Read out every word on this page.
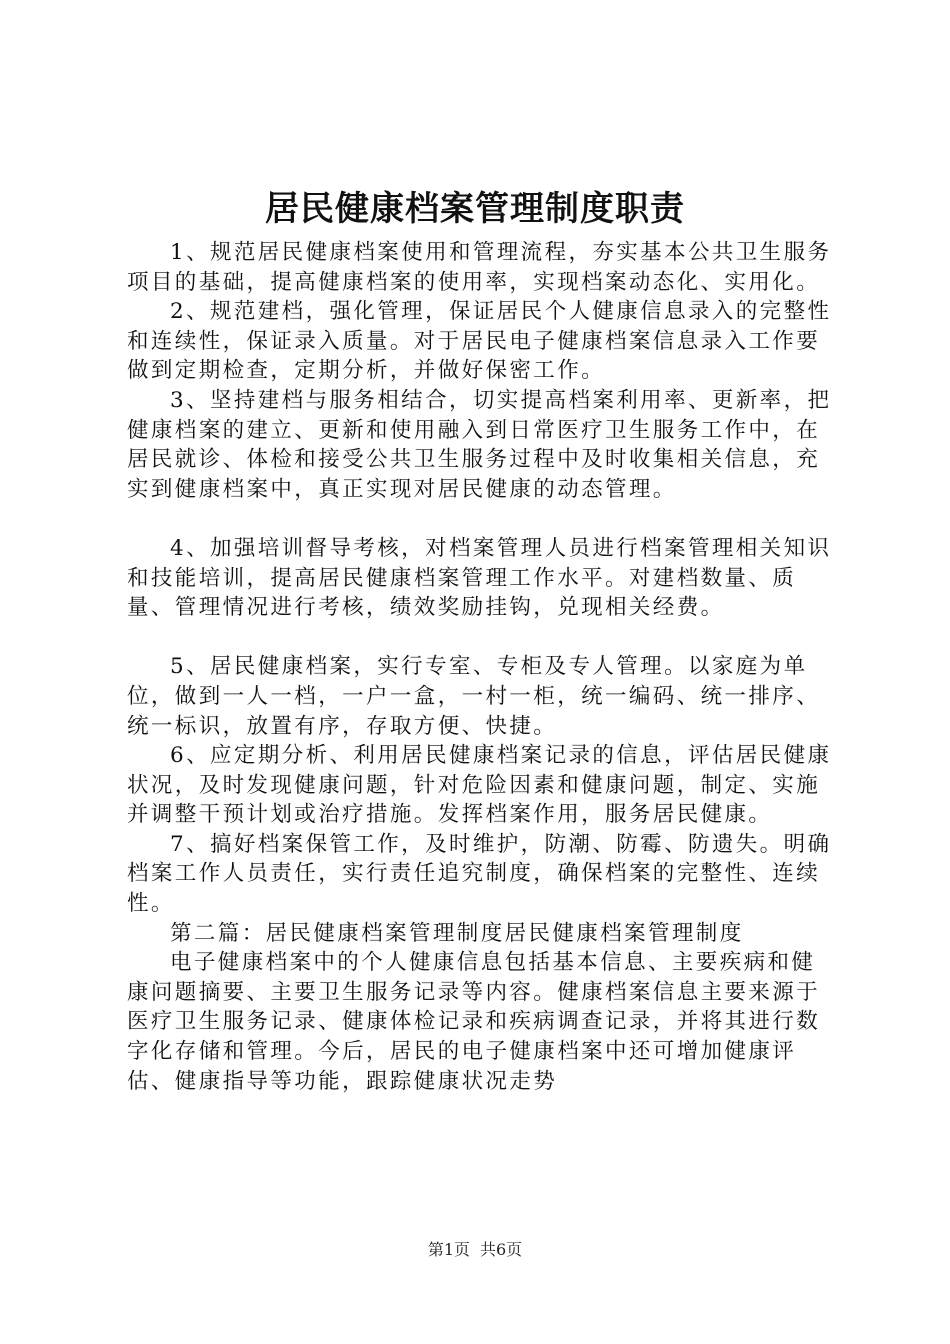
居民健康档案管理制度职责

1、规范居民健康档案使用和管理流程，夯实基本公共卫生服务项目的基础，提高健康档案的使用率，实现档案动态化、实用化。

2、规范建档，强化管理，保证居民个人健康信息录入的完整性和连续性，保证录入质量。对于居民电子健康档案信息录入工作要做到定期检查，定期分析，并做好保密工作。

3、坚持建档与服务相结合，切实提高档案利用率、更新率，把健康档案的建立、更新和使用融入到日常医疗卫生服务工作中，在居民就诊、体检和接受公共卫生服务过程中及时收集相关信息，充实到健康档案中，真正实现对居民健康的动态管理。

4、加强培训督导考核，对档案管理人员进行档案管理相关知识和技能培训，提高居民健康档案管理工作水平。对建档数量、质量、管理情况进行考核，绩效奖励挂钩，兑现相关经费。

5、居民健康档案，实行专室、专柜及专人管理。以家庭为单位，做到一人一档，一户一盒，一村一柜，统一编码、统一排序、统一标识，放置有序，存取方便、快捷。

6、应定期分析、利用居民健康档案记录的信息，评估居民健康状况，及时发现健康问题，针对危险因素和健康问题，制定、实施并调整干预计划或治疗措施。发挥档案作用，服务居民健康。

7、搞好档案保管工作，及时维护，防潮、防霉、防遗失。明确档案工作人员责任，实行责任追究制度，确保档案的完整性、连续性。

第二篇：居民健康档案管理制度居民健康档案管理制度

电子健康档案中的个人健康信息包括基本信息、主要疾病和健康问题摘要、主要卫生服务记录等内容。健康档案信息主要来源于医疗卫生服务记录、健康体检记录和疾病调查记录，并将其进行数字化存储和管理。今后，居民的电子健康档案中还可增加健康评估、健康指导等功能，跟踪健康状况走势

第1页 共6页
